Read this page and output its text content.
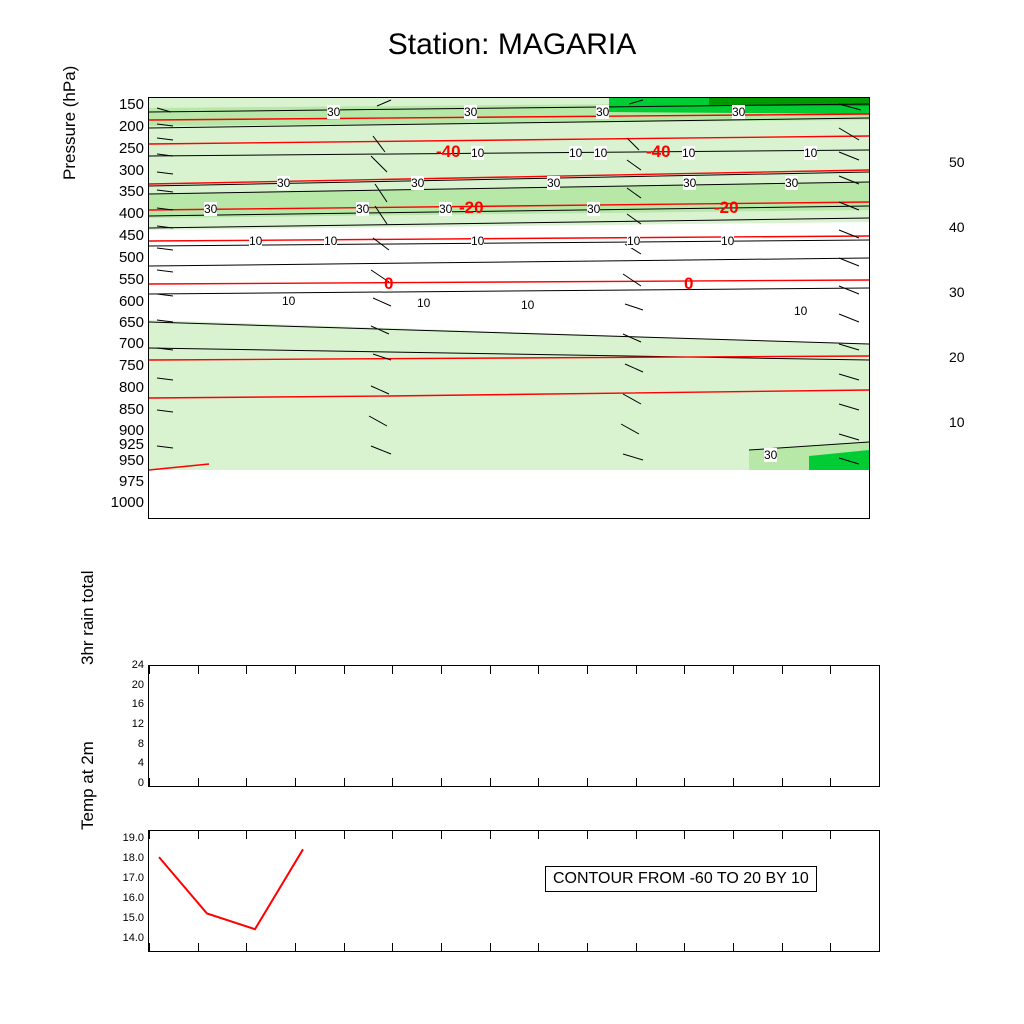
Station: MAGARIA
Pressure (hPa)	150
200
250
300
350
400
450
500
550
600
650
700
750
800
850
900
925
950
975
1000
30	30	30	30
-40 10	10 10 -40 10	10
30	30	30	30	30
30	30	30 -20	30	-20
10	10	10	10	10
0	0
10	10	10	10
30
50
40
30
20
10
3hr rain total	24
20
16
12
8
4
0
Temp at 2m
19.0
18.0
17.0
16.0
15.0
14.0
CONTOUR FROM -60 TO 20 BY 10
